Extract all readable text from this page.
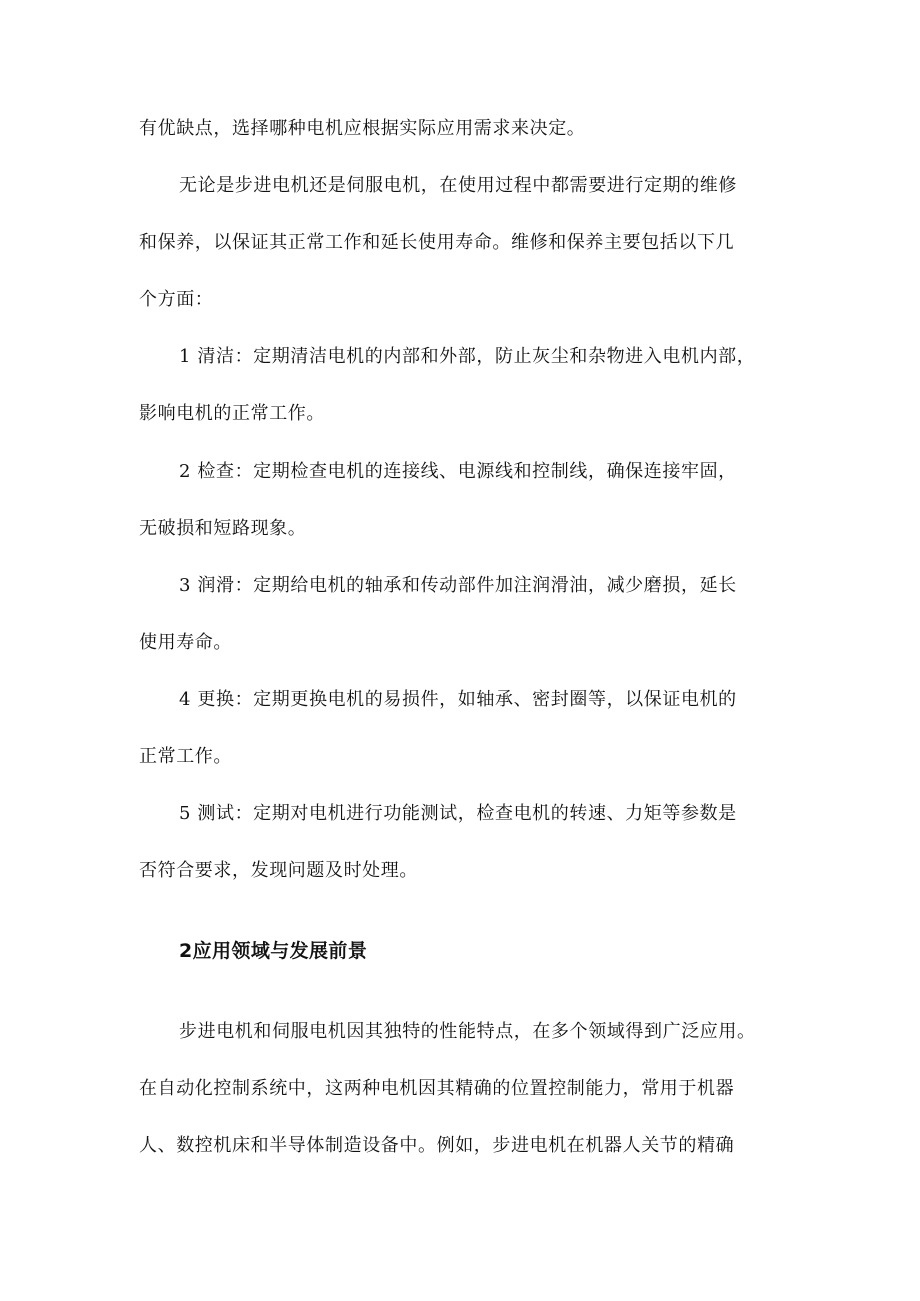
有优缺点，选择哪种电机应根据实际应用需求来决定。
无论是步进电机还是伺服电机，在使用过程中都需要进行定期的维修
和保养，以保证其正常工作和延长使用寿命。维修和保养主要包括以下几
个方面：
1 清洁：定期清洁电机的内部和外部，防止灰尘和杂物进入电机内部，
影响电机的正常工作。
2 检查：定期检查电机的连接线、电源线和控制线，确保连接牢固，
无破损和短路现象。
3 润滑：定期给电机的轴承和传动部件加注润滑油，减少磨损，延长
使用寿命。
4 更换：定期更换电机的易损件，如轴承、密封圈等，以保证电机的
正常工作。
5 测试：定期对电机进行功能测试，检查电机的转速、力矩等参数是
否符合要求，发现问题及时处理。
2应用领域与发展前景
步进电机和伺服电机因其独特的性能特点，在多个领域得到广泛应用。
在自动化控制系统中，这两种电机因其精确的位置控制能力，常用于机器
人、数控机床和半导体制造设备中。例如，步进电机在机器人关节的精确
